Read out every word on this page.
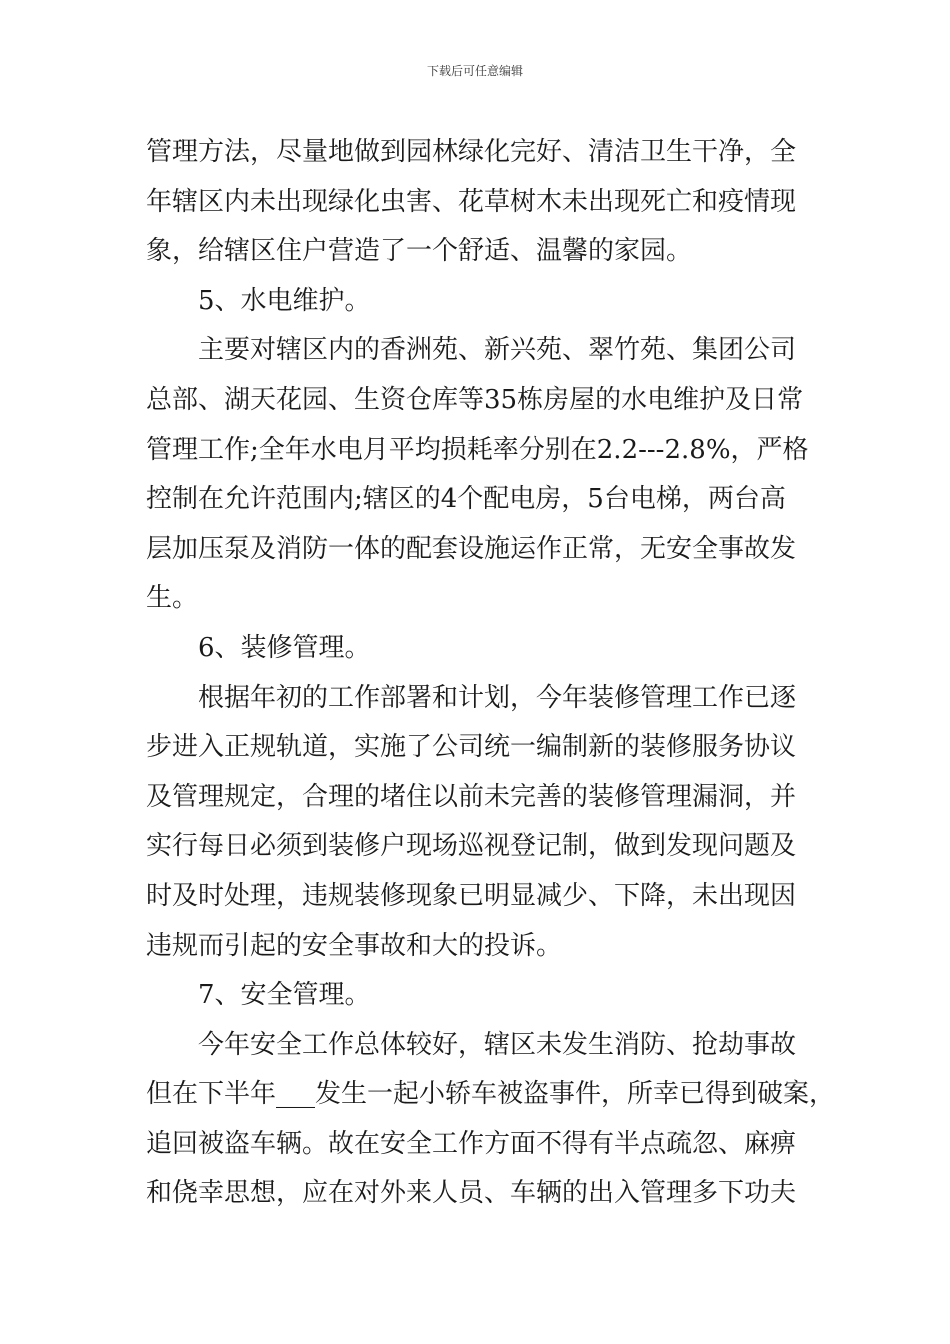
下载后可任意编辑
管理方法，尽量地做到园林绿化完好、清洁卫生干净，全
年辖区内未出现绿化虫害、花草树木未出现死亡和疫情现
象，给辖区住户营造了一个舒适、温馨的家园。
5、水电维护。
主要对辖区内的香洲苑、新兴苑、翠竹苑、集团公司
总部、湖天花园、生资仓库等35栋房屋的水电维护及日常
管理工作;全年水电月平均损耗率分别在2.2---2.8%，严格
控制在允许范围内;辖区的4个配电房，5台电梯，两台高
层加压泵及消防一体的配套设施运作正常，无安全事故发
生。
6、装修管理。
根据年初的工作部署和计划，今年装修管理工作已逐
步进入正规轨道，实施了公司统一编制新的装修服务协议
及管理规定，合理的堵住以前未完善的装修管理漏洞，并
实行每日必须到装修户现场巡视登记制，做到发现问题及
时及时处理，违规装修现象已明显减少、下降，未出现因
违规而引起的安全事故和大的投诉。
7、安全管理。
今年安全工作总体较好，辖区未发生消防、抢劫事故
但在下半年___发生一起小轿车被盗事件，所幸已得到破案，
追回被盗车辆。故在安全工作方面不得有半点疏忽、麻痹
和侥幸思想，应在对外来人员、车辆的出入管理多下功夫
